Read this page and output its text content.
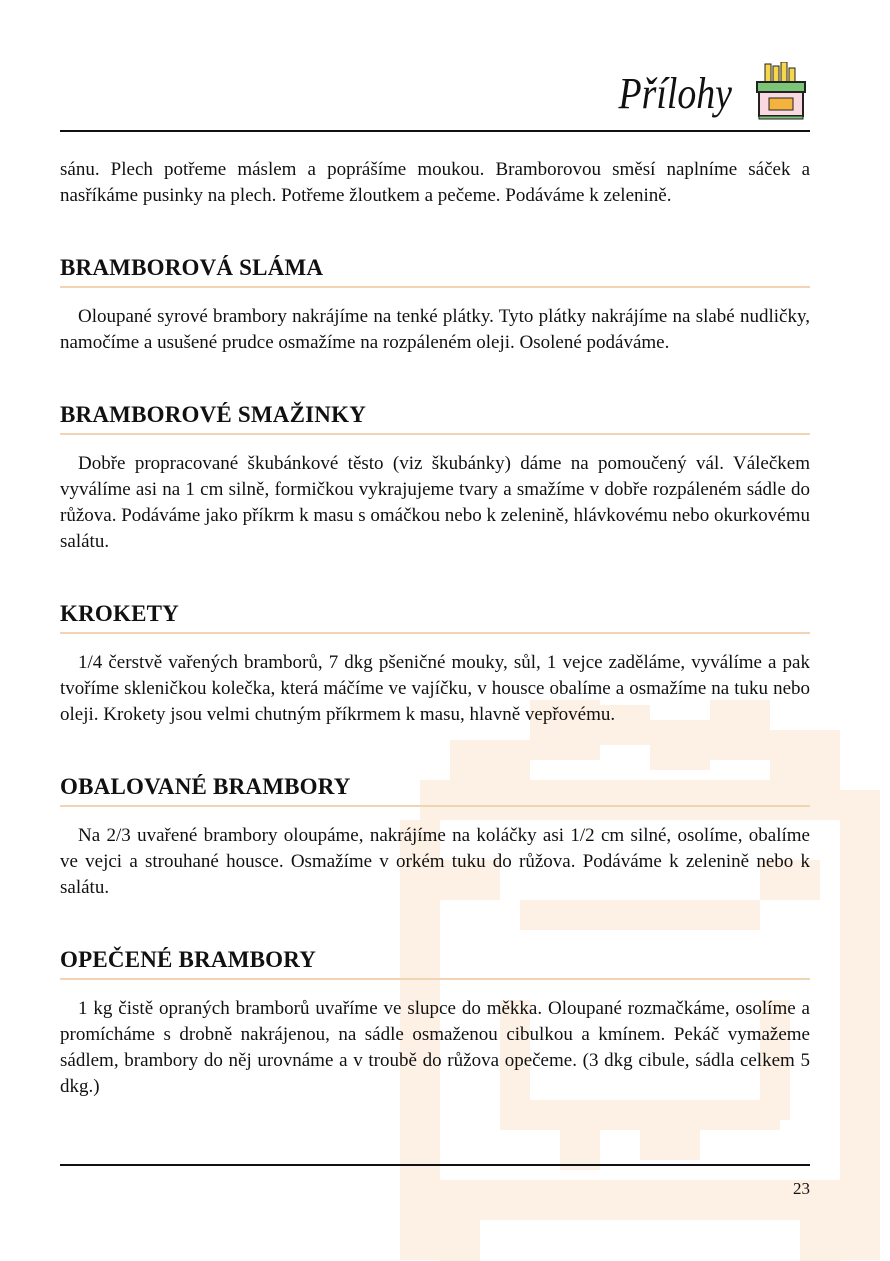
Přílohy

sánu. Plech potřeme máslem a poprášíme moukou. Bramborovou směsí naplníme sáček a nasříkáme pusinky na plech. Potřeme žloutkem a pečeme. Podáváme k zelenině.

BRAMBOROVÁ SLÁMA

Oloupané syrové brambory nakrájíme na tenké plátky. Tyto plátky nakrájíme na slabé nudličky, namočíme a usušené prudce osmažíme na rozpáleném oleji. Osolené podáváme.

BRAMBOROVÉ SMAŽINKY

Dobře propracované škubánkové těsto (viz škubánky) dáme na pomoučený vál. Válečkem vyválíme asi na 1 cm silně, formičkou vykrajujeme tvary a smažíme v dobře rozpáleném sádle do růžova. Podáváme jako příkrm k masu s omáčkou nebo k zelenině, hlávkovému nebo okurkovému salátu.

KROKETY

1/4 čerstvě vařených bramborů, 7 dkg pšeničné mouky, sůl, 1 vejce zaděláme, vyválíme a pak tvoříme skleničkou kolečka, která máčíme ve vajíčku, v housce obalíme a osmažíme na tuku nebo oleji. Krokety jsou velmi chutným příkrmem k masu, hlavně vepřovému.

OBALOVANÉ BRAMBORY

Na 2/3 uvařené brambory oloupáme, nakrájíme na koláčky asi 1/2 cm silné, osolíme, obalíme ve vejci a strouhané housce. Osmažíme v orkém tuku do růžova. Podáváme k zelenině nebo k salátu.

OPEČENÉ BRAMBORY

1 kg čistě opraných bramborů uvaříme ve slupce do měkka. Oloupané rozmačkáme, osolíme a promícháme s drobně nakrájenou, na sádle osmaženou cibulkou a kmínem. Pekáč vymažeme sádlem, brambory do něj urovnáme a v troubě do růžova opečeme. (3 dkg cibule, sádla celkem 5 dkg.)

23
